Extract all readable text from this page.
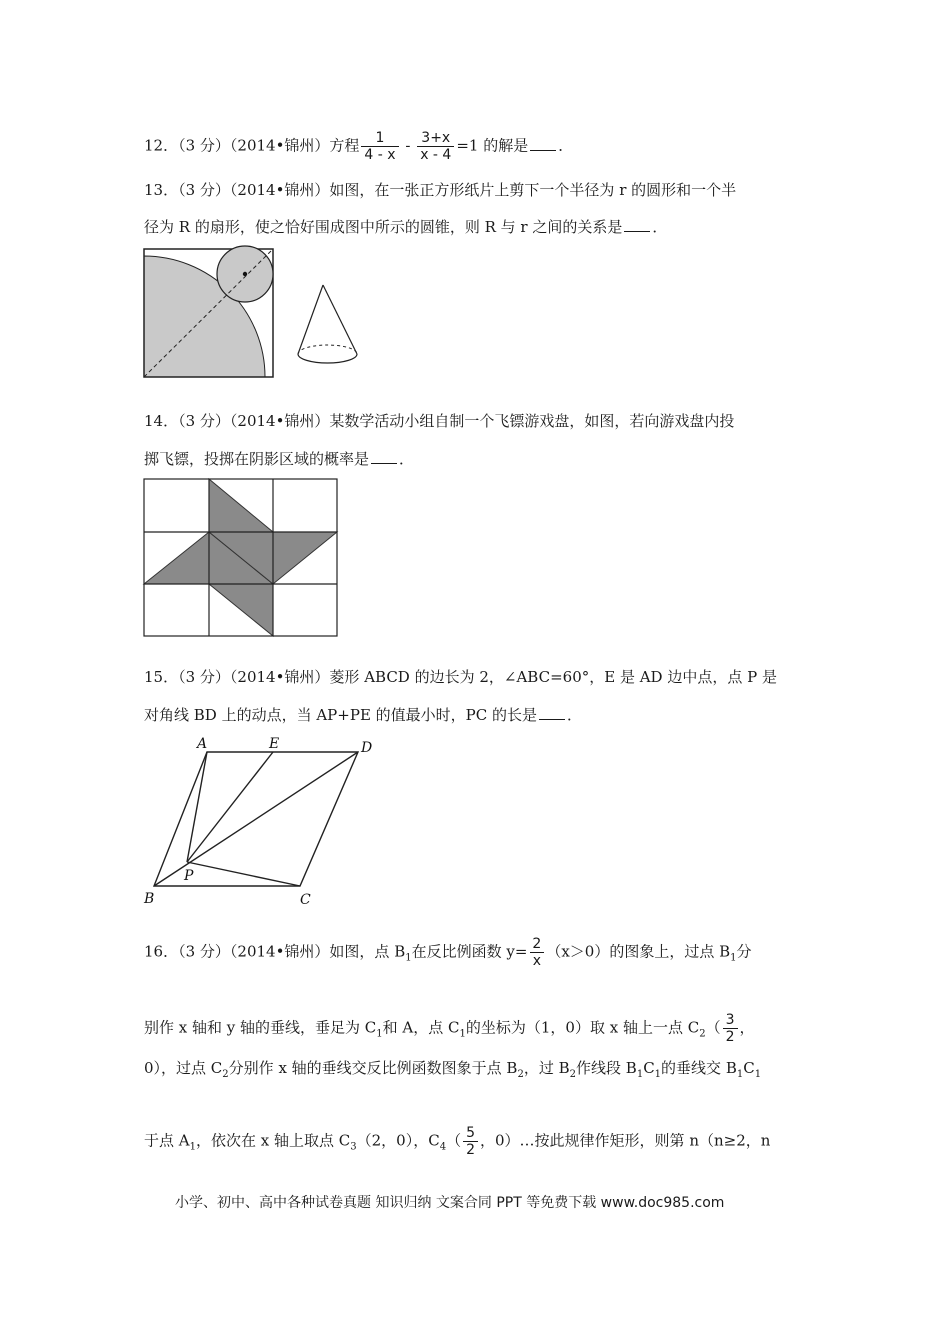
12．（3 分）（2014•锦州）方程 $\frac{1}{4 - x} - \frac{3+x}{x - 4} =1$ 的解是 ．
13．（3 分）（2014•锦州）如图，在一张正方形纸片上剪下一个半径为 r 的圆形和一个半
径为 R 的扇形，使之恰好围成图中所示的圆锥，则 R 与 r 之间的关系是 ．
14．（3 分）（2014•锦州）某数学活动小组自制一个飞镖游戏盘，如图，若向游戏盘内投
掷飞镖，投掷在阴影区域的概率是 ．
15．（3 分）（2014•锦州）菱形 ABCD 的边长为 2，∠ABC=60°，E 是 AD 边中点，点 P 是
对角线 BD 上的动点，当 AP+PE 的值最小时，PC 的长是 ．
A	E	D
P
B	C
16．（3 分）（2014•锦州）如图，点 $B_1$在反比例函数 $y= \frac{2}{x} (x>0)$的图象上，过点 $B_1$分
别作 x 轴和 y 轴的垂线，垂足为 $C_1$和 A，点 $C_1$的坐标为（1，0）取 x 轴上一点 $C_2( \frac{3}{2}$ ，
0），过点 $C_2$分别作 x 轴的垂线交反比例函数图象于点 $B_2$，过 $B_2$作线段 $B_1C_1$的垂线交 $B_1C_1$
于点 $A_1$，依次在 x 轴上取点 $C_3(2$，0），$C_4( \frac{5}{2}$ ，0）…按此规律作矩形，则第 n（n≥2，n
小学、初中、高中各种试卷真题 知识归纳 文案合同 PPT 等免费下载 www.doc985.com
